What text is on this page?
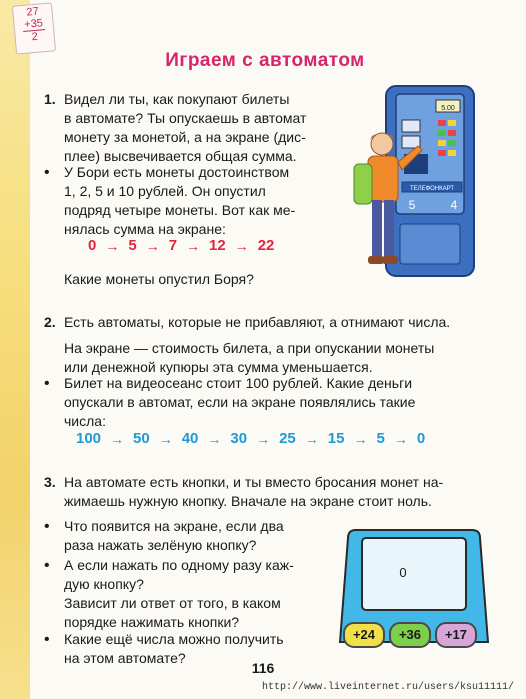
27
+35
2
Играем с автоматом
1. Видел ли ты, как покупают билеты
в автомате? Ты опускаешь в автомат
монету за монетой, а на экране (дис-
плее) высвечивается общая сумма.
• У Бори есть монеты достоинством
1, 2, 5 и 10 рублей. Он опустил
подряд четыре монеты. Вот как ме-
нялась сумма на экране:
0 → 5 → 7 → 12 → 22
Какие монеты опустил Боря?
5.00
ТЕЛЕФОНКАРТ
5	4
2. Есть автоматы, которые не прибавляют, а отнимают числа.
На экране — стоимость билета, а при опускании монеты
или денежной купюры эта сумма уменьшается.
• Билет на видеосеанс стоит 100 рублей. Какие деньги
опускали в автомат, если на экране появлялись такие
числа:
100 → 50 → 40 → 30 → 25 → 15 → 5 → 0
3. На автомате есть кнопки, и ты вместо бросания монет на-
жимаешь нужную кнопку. Вначале на экране стоит ноль.
• Что появится на экране, если два
раза нажать зелёную кнопку?
• А если нажать по одному разу каж-
дую кнопку?
Зависит ли ответ от того, в каком
порядке нажимать кнопки?
• Какие ещё числа можно получить
на этом автомате?
0
+24	+36	+17
116
http://www.liveinternet.ru/users/ksu11111/
